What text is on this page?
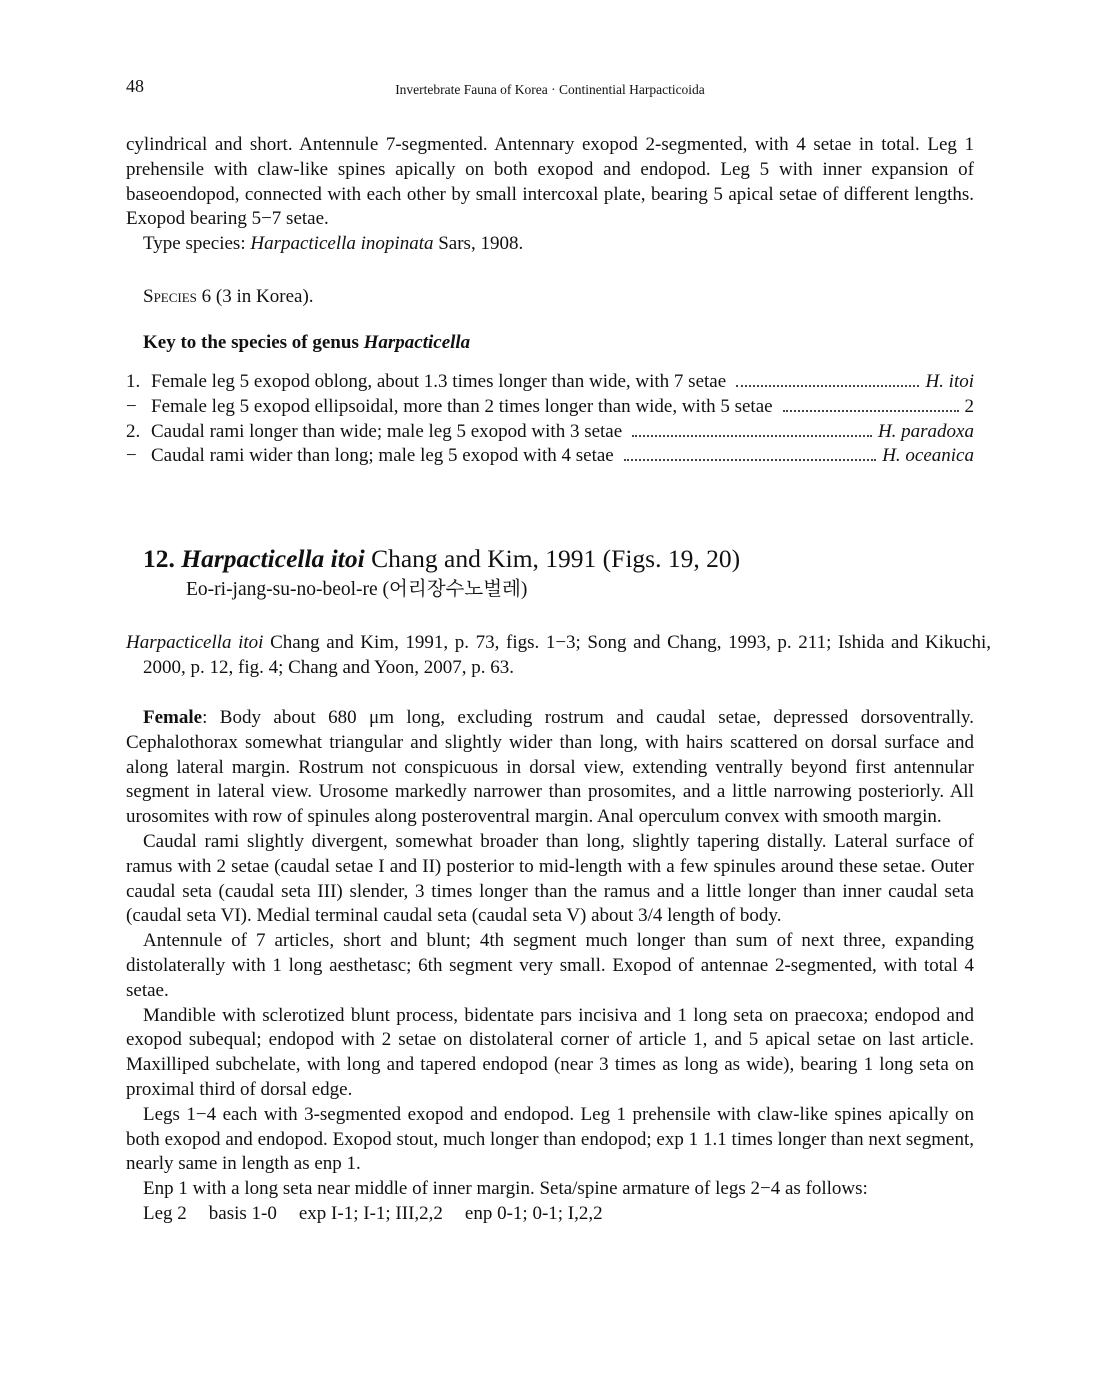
48	Invertebrate Fauna of Korea · Continential Harpacticoida
cylindrical and short. Antennule 7-segmented. Antennary exopod 2-segmented, with 4 setae in total. Leg 1 prehensile with claw-like spines apically on both exopod and endopod. Leg 5 with inner expansion of baseoendopod, connected with each other by small intercoxal plate, bearing 5 apical setae of different lengths. Exopod bearing 5−7 setae.
Type species: Harpacticella inopinata Sars, 1908.
Species 6 (3 in Korea).
Key to the species of genus Harpacticella
1. Female leg 5 exopod oblong, about 1.3 times longer than wide, with 7 setae	H. itoi
− Female leg 5 exopod ellipsoidal, more than 2 times longer than wide, with 5 setae	2
2. Caudal rami longer than wide; male leg 5 exopod with 3 setae	H. paradoxa
− Caudal rami wider than long; male leg 5 exopod with 4 setae	H. oceanica
12. Harpacticella itoi Chang and Kim, 1991 (Figs. 19, 20)
Eo-ri-jang-su-no-beol-re (어리장수노벌레)
Harpacticella itoi Chang and Kim, 1991, p. 73, figs. 1−3; Song and Chang, 1993, p. 211; Ishida and Kikuchi, 2000, p. 12, fig. 4; Chang and Yoon, 2007, p. 63.
Female: Body about 680 μm long, excluding rostrum and caudal setae, depressed dorsoventrally. Cephalothorax somewhat triangular and slightly wider than long, with hairs scattered on dorsal surface and along lateral margin. Rostrum not conspicuous in dorsal view, extending ventrally beyond first antennular segment in lateral view. Urosome markedly narrower than prosomites, and a little narrowing posteriorly. All urosomites with row of spinules along posteroventral margin. Anal operculum convex with smooth margin.
Caudal rami slightly divergent, somewhat broader than long, slightly tapering distally. Lateral surface of ramus with 2 setae (caudal setae I and II) posterior to mid-length with a few spinules around these setae. Outer caudal seta (caudal seta III) slender, 3 times longer than the ramus and a little longer than inner caudal seta (caudal seta VI). Medial terminal caudal seta (caudal seta V) about 3/4 length of body.
Antennule of 7 articles, short and blunt; 4th segment much longer than sum of next three, expanding distolaterally with 1 long aesthetasc; 6th segment very small. Exopod of antennae 2-segmented, with total 4 setae.
Mandible with sclerotized blunt process, bidentate pars incisiva and 1 long seta on praecoxa; endopod and exopod subequal; endopod with 2 setae on distolateral corner of article 1, and 5 apical setae on last article. Maxilliped subchelate, with long and tapered endopod (near 3 times as long as wide), bearing 1 long seta on proximal third of dorsal edge.
Legs 1−4 each with 3-segmented exopod and endopod. Leg 1 prehensile with claw-like spines apically on both exopod and endopod. Exopod stout, much longer than endopod; exp 1 1.1 times longer than next segment, nearly same in length as enp 1.
Enp 1 with a long seta near middle of inner margin. Seta/spine armature of legs 2−4 as follows:
Leg 2 basis 1-0 exp I-1; I-1; III,2,2 enp 0-1; 0-1; I,2,2
